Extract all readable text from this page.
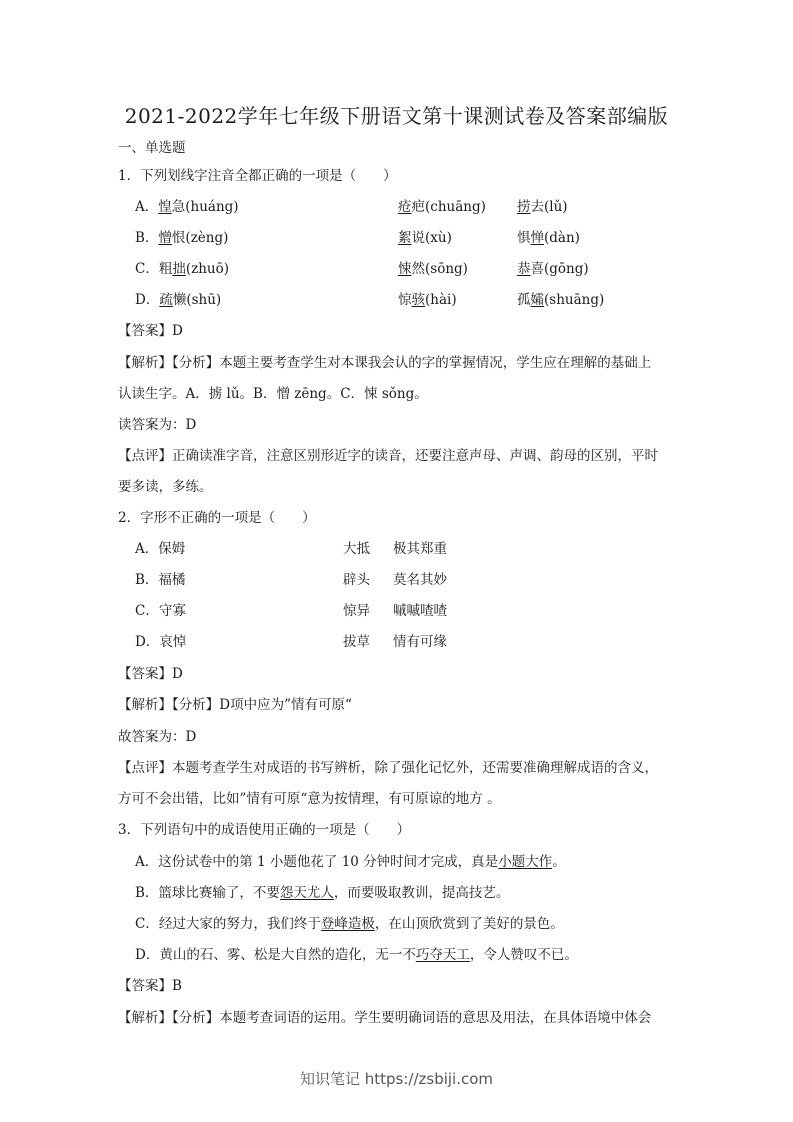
2021-2022学年七年级下册语文第十课测试卷及答案部编版
一、单选题
1．下列划线字注音全都正确的一项是（　　）
A．惶急(huáng)	疮疤(chuāng) 捞去(lǔ)
B．憎恨(zèng)	絮说(xù)	惧惮(dàn)
C．粗拙(zhuō)	悚然(sōng)	恭喜(gōng)
D．疏懒(shū)	惊骇(hài)	孤孀(shuāng)
【答案】D
【解析】【分析】本题主要考查学生对本课我会认的字的掌握情况，学生应在理解的基础上
认读生字。A．掳 lǔ。B．憎 zēng。C．悚 sǒng。
读答案为：D
【点评】正确读准字音，注意区别形近字的读音，还要注意声母、声调、韵母的区别，平时
要多读，多练。
2．字形不正确的一项是（　　）
A．保姆	大抵 极其郑重
B．福橘	辟头 莫名其妙
C．守寡	惊异 嘁嘁喳喳
D．哀悼	拔草 情有可缘
【答案】D
【解析】【分析】D项中应为”情有可原“
故答案为：D
【点评】本题考查学生对成语的书写辨析，除了强化记忆外，还需要准确理解成语的含义，
方可不会出错，比如”情有可原“意为按情理，有可原谅的地方 。
3．下列语句中的成语使用正确的一项是（　　）
A．这份试卷中的第 1 小题他花了 10 分钟时间才完成，真是小题大作。
B．篮球比赛输了，不要怨天尤人，而要吸取教训，提高技艺。
C．经过大家的努力，我们终于登峰造极，在山顶欣赏到了美好的景色。
D．黄山的石、雾、松是大自然的造化，无一不巧夺天工，令人赞叹不已。
【答案】B
【解析】【分析】本题考查词语的运用。学生要明确词语的意思及用法，在具体语境中体会
知识笔记 https://zsbiji.com
